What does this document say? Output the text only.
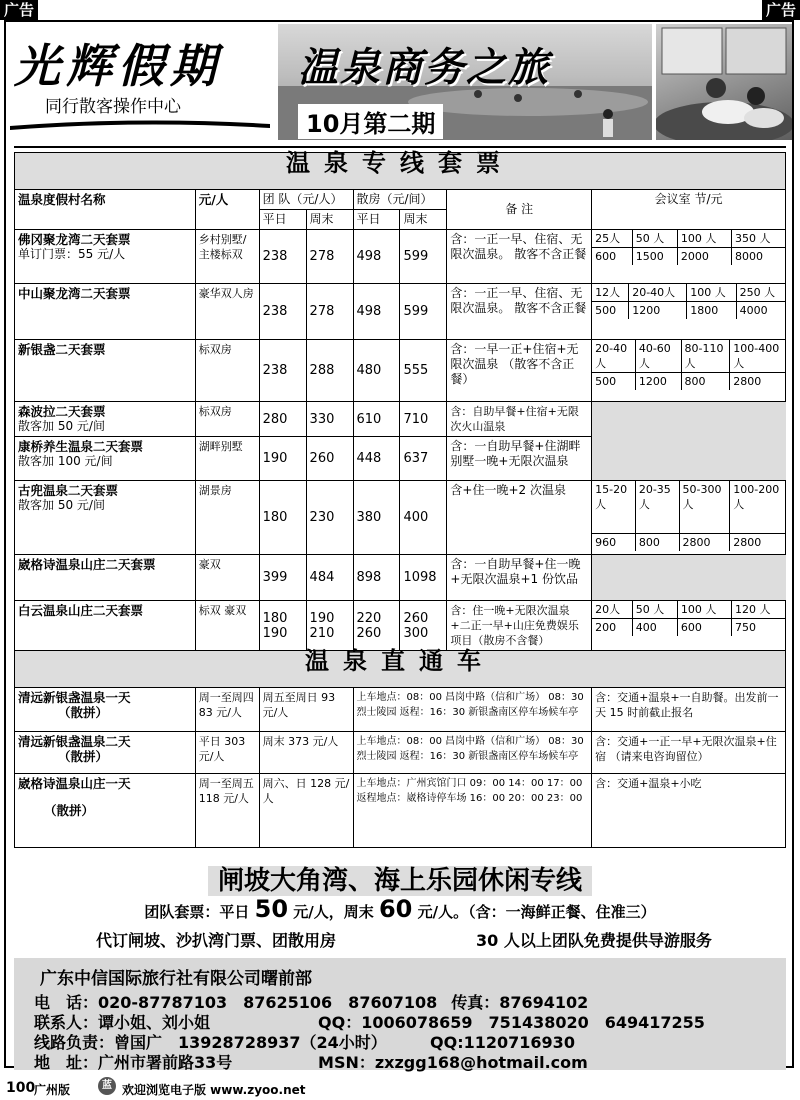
广告	广告
光辉假期
同行散客操作中心
温泉商务之旅
10月第二期
温泉专线套票
温泉度假村名称	元/人	团 队（元/人）	散房（元/间）	备 注	会议室 节/元
平日	周末	平日	周末

佛冈聚龙湾二天套票
单订门票：55 元/人
	乡村别墅/主楼标双	238	278	498	599	含：一正一早、住宿、无限次温泉。 散客不含正餐	
25人	50 人	100 人	350 人
600	1500	2000	8000

中山聚龙湾二天套票	豪华双人房	238	278	498	599	含：一正一早、住宿、无限次温泉。 散客不含正餐	
12人	20-40人	100 人	250 人
500	1200	1800	4000

新银盏二天套票	标双房	238	288	480	555	含：一早一正+住宿+无限次温泉 （散客不含正餐）	
20-40人	40-60人	80-110人	100-400人
500	1200	800	2800

森波拉二天套票
散客加 50 元/间
	标双房	280	330	610	710	含：自助早餐+住宿+无限次火山温泉	

康桥养生温泉二天套票
散客加 100 元/间
	湖畔别墅	190	260	448	637	含：一自助早餐+住湖畔别墅一晚+无限次温泉	

古兜温泉二天套票
散客加 50 元/间
	湖景房	180	230	380	400	含+住一晚+2 次温泉		15-20人	20-35人	50-300人	100-200人
960	800	2800	2800

崴格诗温泉山庄二天套票	豪双	399	484	898	1098	含：一自助早餐+住一晚+无限次温泉+1 份饮品	

白云温泉山庄二天套票	标双 豪双	180 190	190 210	220 260	260 300	含：住一晚+无限次温泉+二正一早+山庄免费娱乐项目（散房不含餐）	
20人	50 人	100 人	120 人
200	400	600	750

温泉直通车

清远新银盏温泉一天
（散拼）
	周一至周四 83 元/人	周五至周日 93 元/人	上车地点：08：00 昌岗中路（信和广场） 08：30 烈士陵园 返程：16：30 新银盏南区停车场候车亭	含：交通+温泉+一自助餐。出发前一天 15 时前截止报名

清远新银盏温泉二天
（散拼）
	平日 303 元/人	周末 373 元/人	上车地点：08：00 昌岗中路（信和广场） 08：30 烈士陵园 返程：16：30 新银盏南区停车场候车亭	含：交通+一正一早+无限次温泉+住宿 （请来电咨询留位）

崴格诗温泉山庄一天
（散拼）
	周一至周五 118 元/人	周六、日 128 元/人	上车地点：广州宾馆门口 09：00 14：00 17：00 返程地点：崴格诗停车场 16：00 20：00 23：00	含：交通+温泉+小吃
闸坡大角湾、海上乐园休闲专线
团队套票：平日 50 元/人，周末 60 元/人。（含：一海鲜正餐、住准三）
代订闸坡、沙扒湾门票、团散用房	30 人以上团队免费提供导游服务
广东中信国际旅行社有限公司曙前部
电　话：020-87787103　87625106　87607108 传真：87694102
联系人：谭小姐、刘小姐	QQ：1006078659　751438020　649417255
线路负责：曾国广　13928728937（24小时）	QQ:1120716930
地　址：广州市署前路33号	MSN：zxzgg168@hotmail.com
100
广州版	蓝 欢迎浏览电子版 www.zyoo.net
